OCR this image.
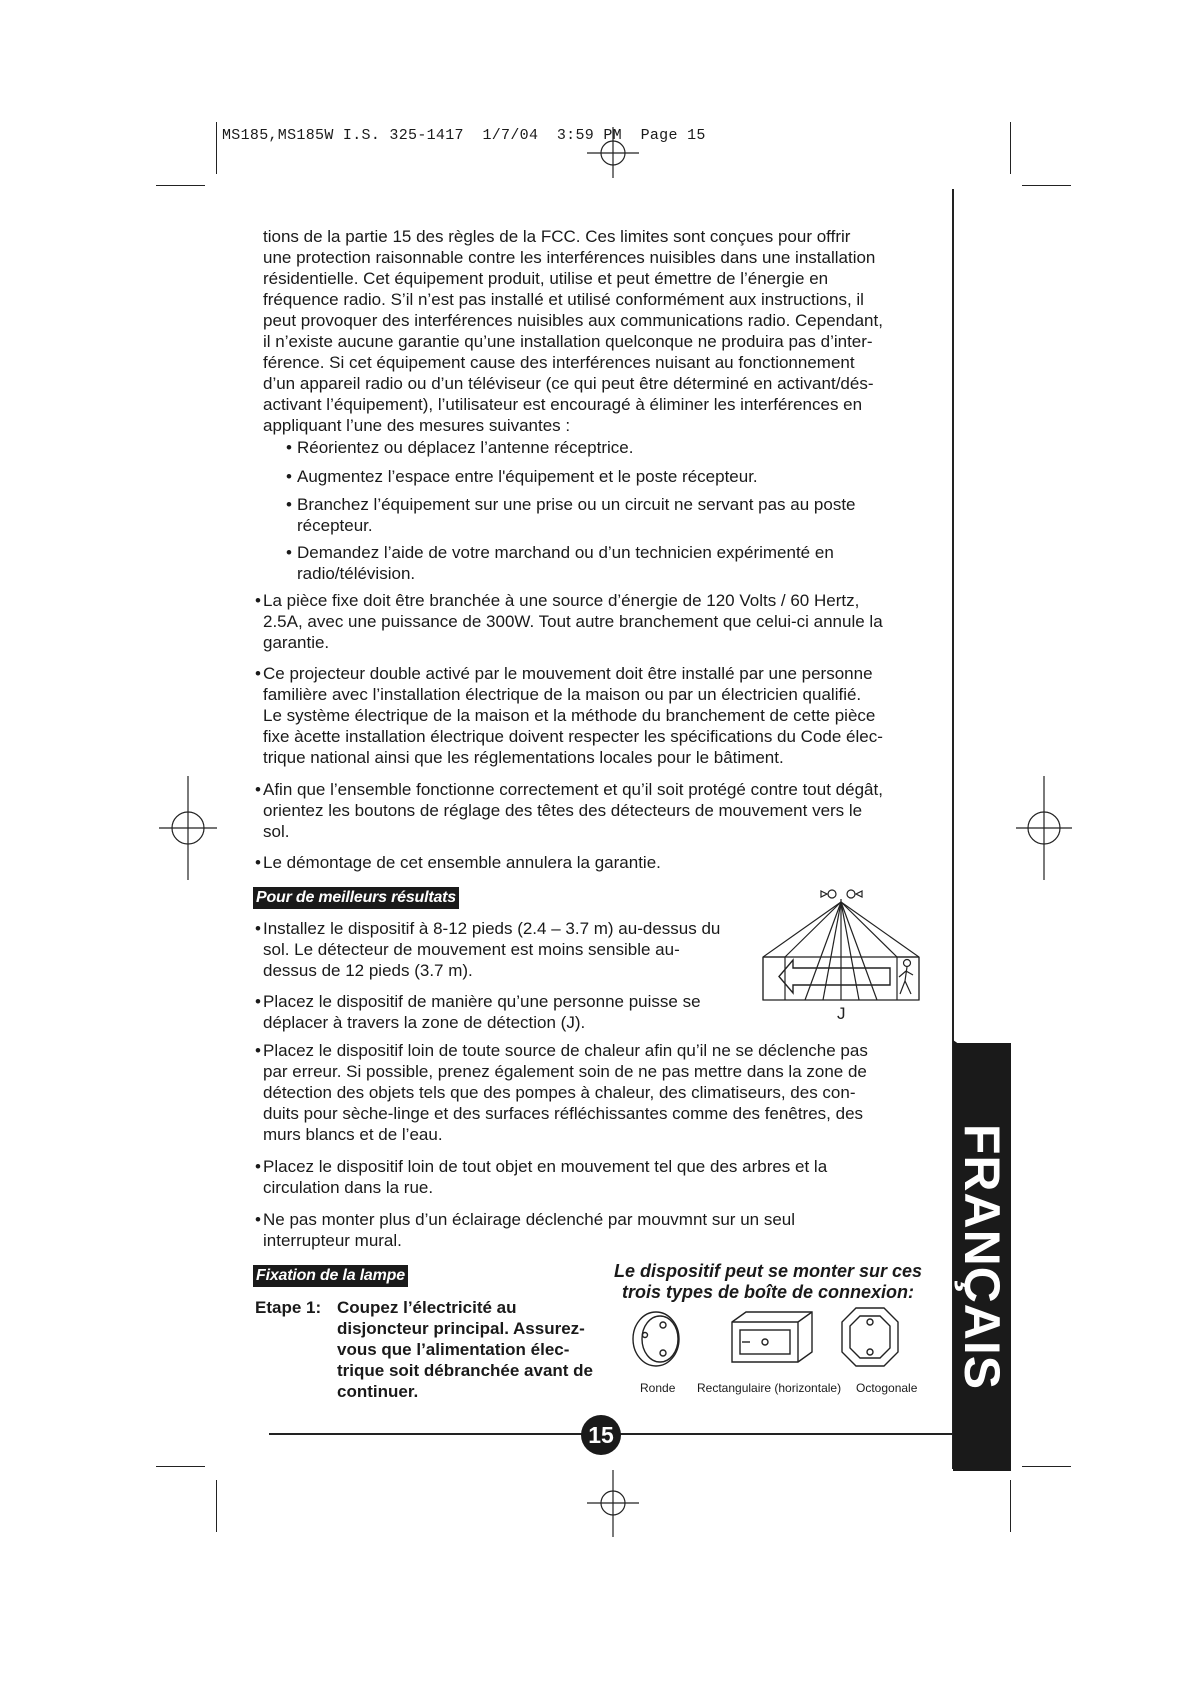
MS185,MS185W I.S. 325-1417  1/7/04  3:59 PM  Page 15
tions de la partie 15 des règles de la FCC. Ces limites sont conçues pour offrir
une protection raisonnable contre les interférences nuisibles dans une installation
résidentielle. Cet équipement produit, utilise et peut émettre de l’énergie en
fréquence radio. S’il n’est pas installé et utilisé conformément aux instructions, il
peut provoquer des interférences nuisibles aux communications radio. Cependant,
il n’existe aucune garantie qu’une installation quelconque ne produira pas d’inter-
férence. Si cet équipement cause des interférences nuisant au fonctionnement
d’un appareil radio ou d’un téléviseur (ce qui peut être déterminé en activant/dés-
activant l’équipement), l’utilisateur est encouragé à éliminer les interférences en
appliquant l’une des mesures suivantes :
• Réorientez ou déplacez l’antenne réceptrice.
• Augmentez l’espace entre l'équipement et le poste récepteur.
• Branchez l’équipement sur une prise ou un circuit ne servant pas au poste
récepteur.
• Demandez l’aide de votre marchand ou d’un technicien expérimenté en
radio/télévision.
• La pièce fixe doit être branchée à une source d’énergie de 120 Volts / 60 Hertz,
2.5A, avec une puissance de 300W. Tout autre branchement que celui-ci annule la
garantie.
• Ce projecteur double activé par le mouvement doit être installé par une personne
familière avec l’installation électrique de la maison ou par un électricien qualifié.
Le système électrique de la maison et la méthode du branchement de cette pièce
fixe àcette installation électrique doivent respecter les spécifications du Code élec-
trique national ainsi que les réglementations locales pour le bâtiment.
• Afin que l’ensemble fonctionne correctement et qu’il soit protégé contre tout dégât,
orientez les boutons de réglage des têtes des détecteurs de mouvement vers le
sol.
• Le démontage de cet ensemble annulera la garantie.
Pour de meilleurs résultats
• Installez le dispositif à 8-12 pieds (2.4 – 3.7 m) au-dessus du
sol. Le détecteur de mouvement est moins sensible au-
dessus de 12 pieds (3.7 m).
• Placez le dispositif de manière qu’une personne puisse se
déplacer à travers la zone de détection (J).	J
• Placez le dispositif loin de toute source de chaleur afin qu’il ne se déclenche pas
par erreur. Si possible, prenez également soin de ne pas mettre dans la zone de
détection des objets tels que des pompes à chaleur, des climatiseurs, des con-
duits pour sèche-linge et des surfaces réfléchissantes comme des fenêtres, des
murs blancs et de l’eau.
• Placez le dispositif loin de tout objet en mouvement tel que des arbres et la
circulation dans la rue.
• Ne pas monter plus d’un éclairage déclenché par mouvmnt sur un seul
interrupteur mural.
Fixation de la lampe
Etape 1: Coupez l’électricité au
disjoncteur principal. Assurez-
vous que l’alimentation élec-
trique soit débranchée avant de
continuer.
Le dispositif peut se monter sur ces
trois types de boîte de connexion:
Ronde Rectangulaire (horizontale) Octogonale FRANÇAIS
15
